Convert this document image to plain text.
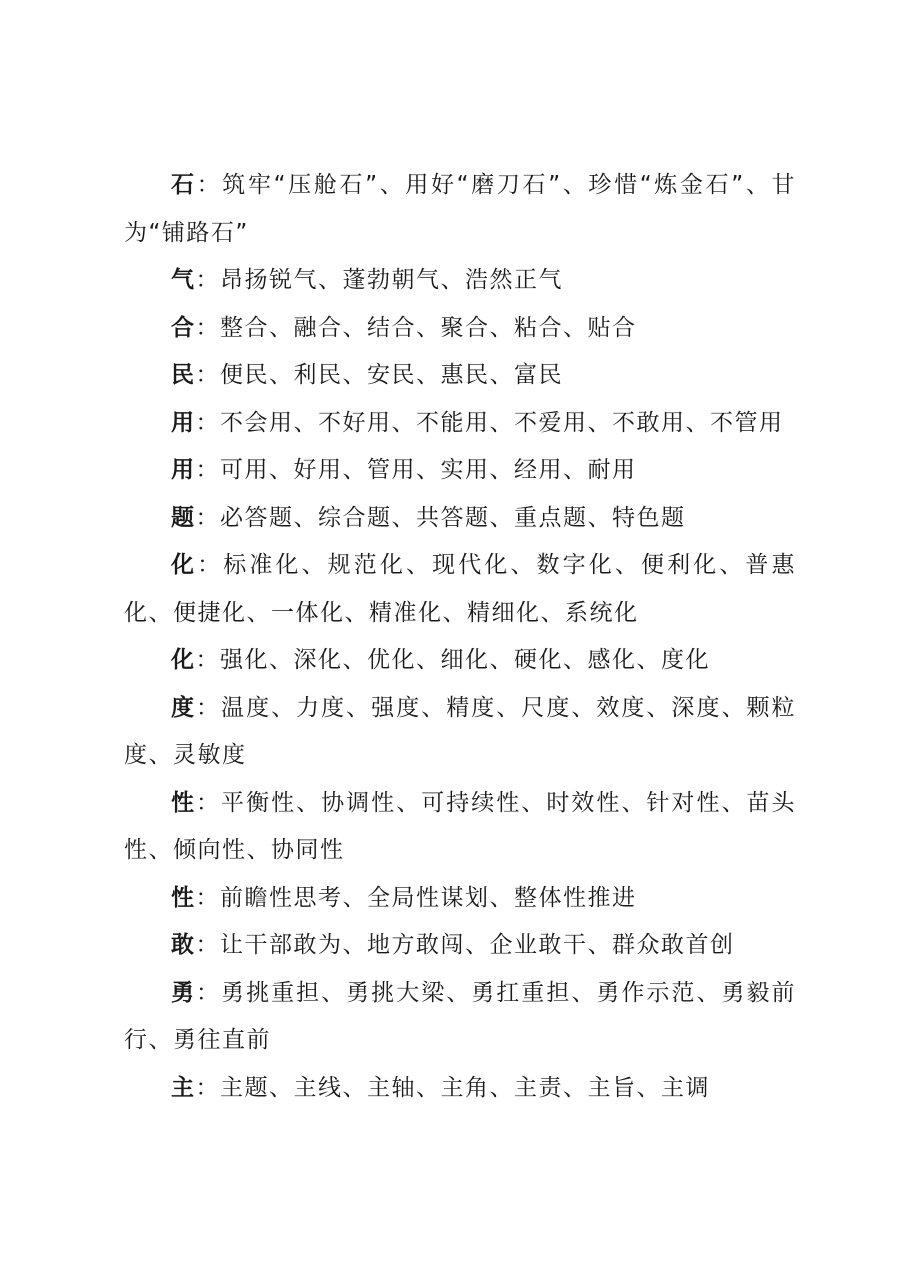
石：筑牢“压舱石”、用好“磨刀石”、珍惜“炼金石”、甘为“铺路石”

气：昂扬锐气、蓬勃朝气、浩然正气

合：整合、融合、结合、聚合、粘合、贴合

民：便民、利民、安民、惠民、富民

用：不会用、不好用、不能用、不爱用、不敢用、不管用

用：可用、好用、管用、实用、经用、耐用

题：必答题、综合题、共答题、重点题、特色题

化：标准化、规范化、现代化、数字化、便利化、普惠化、便捷化、一体化、精准化、精细化、系统化

化：强化、深化、优化、细化、硬化、感化、度化

度：温度、力度、强度、精度、尺度、效度、深度、颗粒度、灵敏度

性：平衡性、协调性、可持续性、时效性、针对性、苗头性、倾向性、协同性

性：前瞻性思考、全局性谋划、整体性推进

敢：让干部敢为、地方敢闯、企业敢干、群众敢首创

勇：勇挑重担、勇挑大梁、勇扛重担、勇作示范、勇毅前行、勇往直前

主：主题、主线、主轴、主角、主责、主旨、主调
